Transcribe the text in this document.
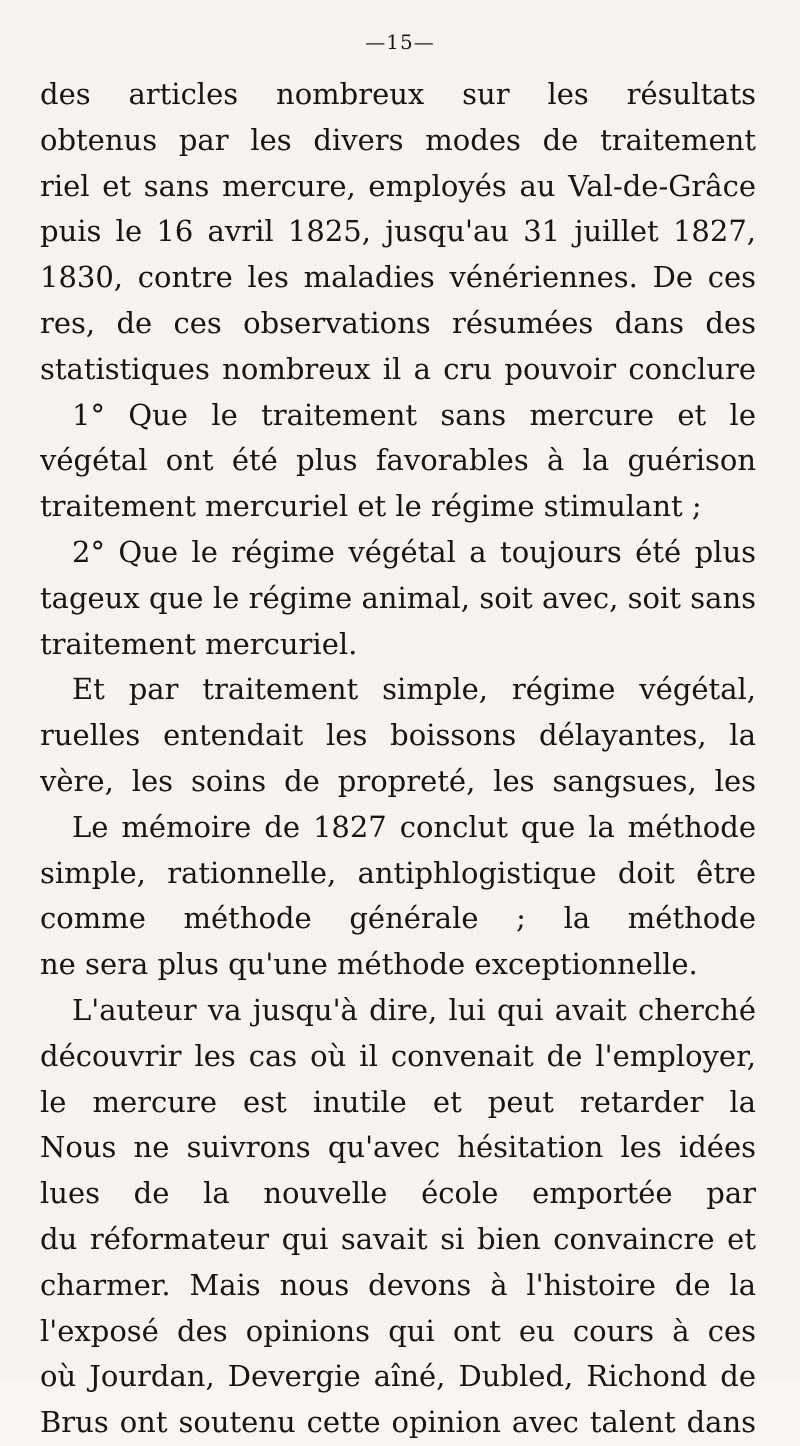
—15—
des articles nombreux sur les résultats
obtenus par les divers modes de traitement
riel et sans mercure, employés au Val-de-Grâce
puis le 16 avril 1825, jusqu'au 31 juillet 1827,
1830, contre les maladies vénériennes. De ces
res, de ces observations résumées dans des
statistiques nombreux il a cru pouvoir conclure
1° Que le traitement sans mercure et le
végétal ont été plus favorables à la guérison
traitement mercuriel et le régime stimulant ;
2° Que le régime végétal a toujours été plus
tageux que le régime animal, soit avec, soit sans
traitement mercuriel.
Et par traitement simple, régime végétal,
ruelles entendait les boissons délayantes, la
vère, les soins de propreté, les sangsues, les
Le mémoire de 1827 conclut que la méthode
simple, rationnelle, antiphlogistique doit être
comme méthode générale ; la méthode
ne sera plus qu'une méthode exceptionnelle.
L'auteur va jusqu'à dire, lui qui avait cherché
découvrir les cas où il convenait de l'employer,
le mercure est inutile et peut retarder la
Nous ne suivrons qu'avec hésitation les idées
lues de la nouvelle école emportée par
du réformateur qui savait si bien convaincre et
charmer. Mais nous devons à l'histoire de la
l'exposé des opinions qui ont eu cours à ces
où Jourdan, Devergie aîné, Dubled, Richond de
Brus ont soutenu cette opinion avec talent dans
